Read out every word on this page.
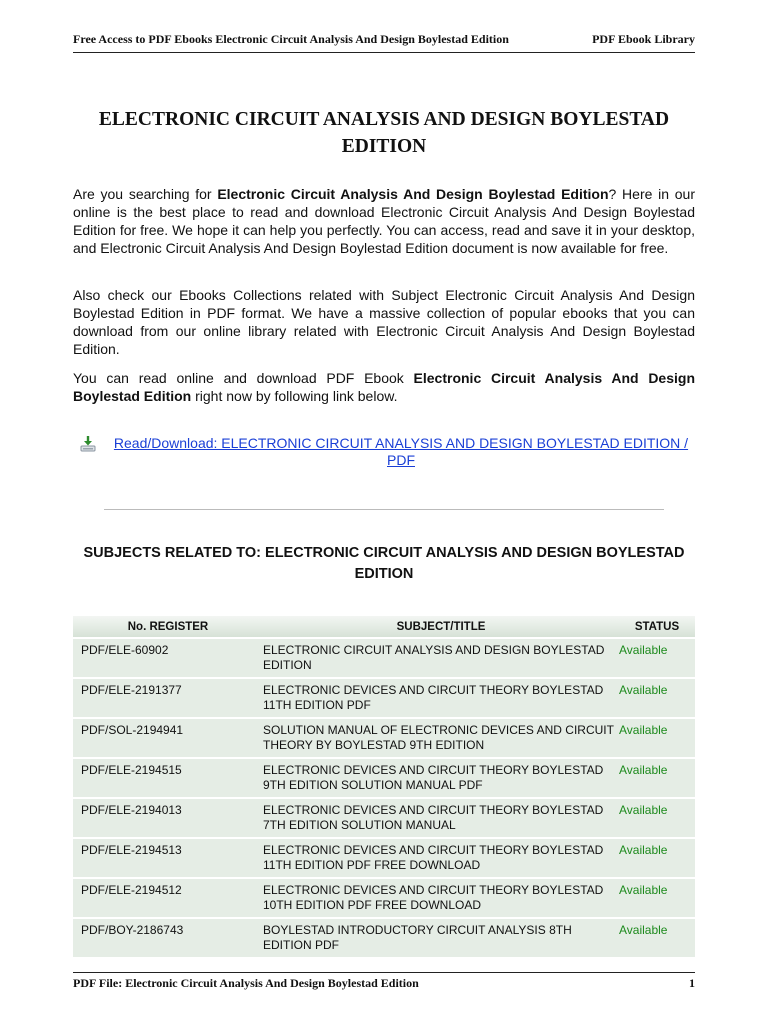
Free Access to PDF Ebooks Electronic Circuit Analysis And Design Boylestad Edition	PDF Ebook Library
ELECTRONIC CIRCUIT ANALYSIS AND DESIGN BOYLESTAD EDITION

Are you searching for Electronic Circuit Analysis And Design Boylestad Edition? Here in our online is the best place to read and download Electronic Circuit Analysis And Design Boylestad Edition for free. We hope it can help you perfectly. You can access, read and save it in your desktop, and Electronic Circuit Analysis And Design Boylestad Edition document is now available for free.

Also check our Ebooks Collections related with Subject Electronic Circuit Analysis And Design Boylestad Edition in PDF format. We have a massive collection of popular ebooks that you can download from our online library related with Electronic Circuit Analysis And Design Boylestad Edition.

You can read online and download PDF Ebook Electronic Circuit Analysis And Design Boylestad Edition right now by following link below.

Read/Download: ELECTRONIC CIRCUIT ANALYSIS AND DESIGN BOYLESTAD EDITION / PDF
SUBJECTS RELATED TO: ELECTRONIC CIRCUIT ANALYSIS AND DESIGN BOYLESTAD EDITION
No. REGISTER	SUBJECT/TITLE	STATUS
PDF/ELE-60902	ELECTRONIC CIRCUIT ANALYSIS AND DESIGN BOYLESTAD EDITION	Available
PDF/ELE-2191377	ELECTRONIC DEVICES AND CIRCUIT THEORY BOYLESTAD 11TH EDITION PDF	Available
PDF/SOL-2194941	SOLUTION MANUAL OF ELECTRONIC DEVICES AND CIRCUIT THEORY BY BOYLESTAD 9TH EDITION	Available
PDF/ELE-2194515	ELECTRONIC DEVICES AND CIRCUIT THEORY BOYLESTAD 9TH EDITION SOLUTION MANUAL PDF	Available
PDF/ELE-2194013	ELECTRONIC DEVICES AND CIRCUIT THEORY BOYLESTAD 7TH EDITION SOLUTION MANUAL	Available
PDF/ELE-2194513	ELECTRONIC DEVICES AND CIRCUIT THEORY BOYLESTAD 11TH EDITION PDF FREE DOWNLOAD	Available
PDF/ELE-2194512	ELECTRONIC DEVICES AND CIRCUIT THEORY BOYLESTAD 10TH EDITION PDF FREE DOWNLOAD	Available
PDF/BOY-2186743	BOYLESTAD INTRODUCTORY CIRCUIT ANALYSIS 8TH EDITION PDF	Available
PDF File: Electronic Circuit Analysis And Design Boylestad Edition	1
